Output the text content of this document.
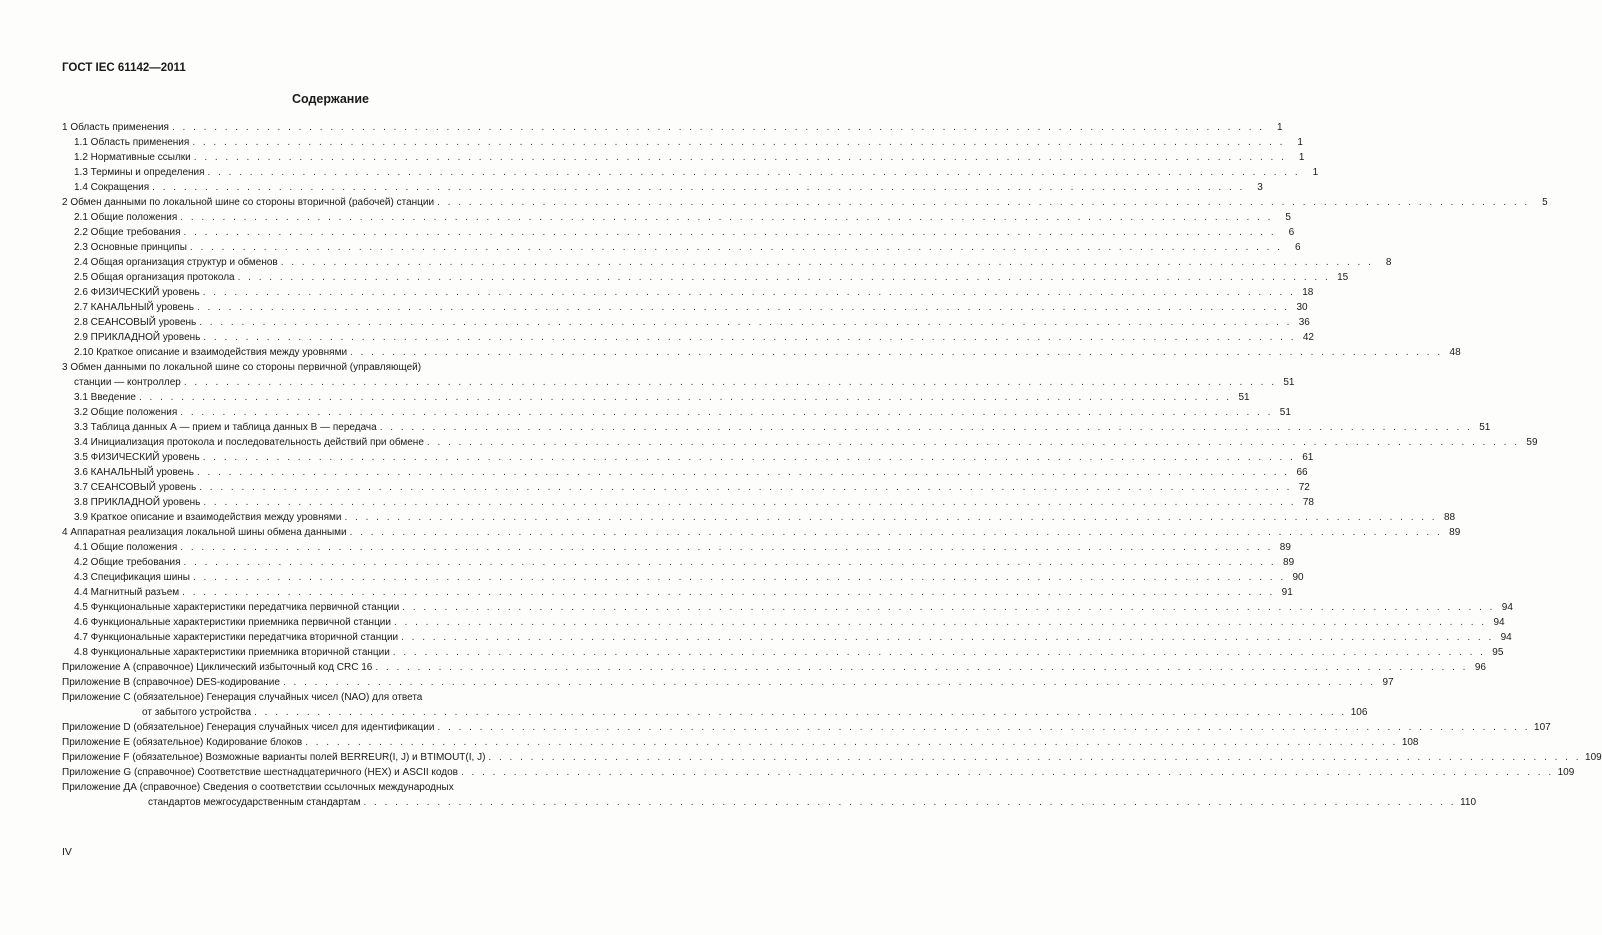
ГОСТ IEC 61142—2011
Содержание
1 Область применения . . . . . . . . . . . . . . . . . . . . . . . . . . . . . . . . . . . . . . . . . . . . . . . . . . . . . . . . . . . . . . . . . . . . . . . . . . . . . . . . . . . . . . . . . . . . . . . . . . . . . . . .	1
1.1 Область применения . . . . . . . . . . . . . . . . . . . . . . . . . . . . . . . . . . . . . . . . . . . . . . . . . . . . . . . . . . . . . . . . . . . . . . . . . . . . . . . . . . . . . . . . . . . . . . . . . . . . . . . .	1
1.2 Нормативные ссылки . . . . . . . . . . . . . . . . . . . . . . . . . . . . . . . . . . . . . . . . . . . . . . . . . . . . . . . . . . . . . . . . . . . . . . . . . . . . . . . . . . . . . . . . . . . . . . . . . . . . . . . .	1
1.3 Термины и определения . . . . . . . . . . . . . . . . . . . . . . . . . . . . . . . . . . . . . . . . . . . . . . . . . . . . . . . . . . . . . . . . . . . . . . . . . . . . . . . . . . . . . . . . . . . . . . . . . . . . . . . .	1
1.4 Сокращения . . . . . . . . . . . . . . . . . . . . . . . . . . . . . . . . . . . . . . . . . . . . . . . . . . . . . . . . . . . . . . . . . . . . . . . . . . . . . . . . . . . . . . . . . . . . . . . . . . . . . . . .	3
2 Обмен данными по локальной шине со стороны вторичной (рабочей) станции . . . . . . . . . . . . . . . . . . . . . . . . . . . . . . . . . . . . . . . . . . . . . . . . . . . . . . . . . . . . . . . . . . . . . . . . . . . . . . . . . . . . . . . . . . . . . . . . . . . . . . . .	5
2.1 Общие положения . . . . . . . . . . . . . . . . . . . . . . . . . . . . . . . . . . . . . . . . . . . . . . . . . . . . . . . . . . . . . . . . . . . . . . . . . . . . . . . . . . . . . . . . . . . . . . . . . . . . . . . .	5
2.2 Общие требования . . . . . . . . . . . . . . . . . . . . . . . . . . . . . . . . . . . . . . . . . . . . . . . . . . . . . . . . . . . . . . . . . . . . . . . . . . . . . . . . . . . . . . . . . . . . . . . . . . . . . . . .	6
2.3 Основные принципы . . . . . . . . . . . . . . . . . . . . . . . . . . . . . . . . . . . . . . . . . . . . . . . . . . . . . . . . . . . . . . . . . . . . . . . . . . . . . . . . . . . . . . . . . . . . . . . . . . . . . . . .	6
2.4 Общая организация структур и обменов . . . . . . . . . . . . . . . . . . . . . . . . . . . . . . . . . . . . . . . . . . . . . . . . . . . . . . . . . . . . . . . . . . . . . . . . . . . . . . . . . . . . . . . . . . . . . . . . . . . . . . . .	8
2.5 Общая организация протокола . . . . . . . . . . . . . . . . . . . . . . . . . . . . . . . . . . . . . . . . . . . . . . . . . . . . . . . . . . . . . . . . . . . . . . . . . . . . . . . . . . . . . . . . . . . . . . . . . . . . . . . . 15
2.6 ФИЗИЧЕСКИЙ уровень . . . . . . . . . . . . . . . . . . . . . . . . . . . . . . . . . . . . . . . . . . . . . . . . . . . . . . . . . . . . . . . . . . . . . . . . . . . . . . . . . . . . . . . . . . . . . . . . . . . . . . . . 18
2.7 КАНАЛЬНЫЙ уровень . . . . . . . . . . . . . . . . . . . . . . . . . . . . . . . . . . . . . . . . . . . . . . . . . . . . . . . . . . . . . . . . . . . . . . . . . . . . . . . . . . . . . . . . . . . . . . . . . . . . . . . . 30
2.8 СЕАНСОВЫЙ уровень . . . . . . . . . . . . . . . . . . . . . . . . . . . . . . . . . . . . . . . . . . . . . . . . . . . . . . . . . . . . . . . . . . . . . . . . . . . . . . . . . . . . . . . . . . . . . . . . . . . . . . . . 36
2.9 ПРИКЛАДНОЙ уровень . . . . . . . . . . . . . . . . . . . . . . . . . . . . . . . . . . . . . . . . . . . . . . . . . . . . . . . . . . . . . . . . . . . . . . . . . . . . . . . . . . . . . . . . . . . . . . . . . . . . . . . . 42
2.10 Краткое описание и взаимодействия между уровнями . . . . . . . . . . . . . . . . . . . . . . . . . . . . . . . . . . . . . . . . . . . . . . . . . . . . . . . . . . . . . . . . . . . . . . . . . . . . . . . . . . . . . . . . . . . . . . . . . . . . . . . . 48
3 Обмен данными по локальной шине со стороны первичной (управляющей)
станции — контроллер . . . . . . . . . . . . . . . . . . . . . . . . . . . . . . . . . . . . . . . . . . . . . . . . . . . . . . . . . . . . . . . . . . . . . . . . . . . . . . . . . . . . . . . . . . . . . . . . . . . . . . . . 51
3.1 Введение . . . . . . . . . . . . . . . . . . . . . . . . . . . . . . . . . . . . . . . . . . . . . . . . . . . . . . . . . . . . . . . . . . . . . . . . . . . . . . . . . . . . . . . . . . . . . . . . . . . . . . . . 51
3.2 Общие положения . . . . . . . . . . . . . . . . . . . . . . . . . . . . . . . . . . . . . . . . . . . . . . . . . . . . . . . . . . . . . . . . . . . . . . . . . . . . . . . . . . . . . . . . . . . . . . . . . . . . . . . . 51
3.3 Таблица данных А — прием и таблица данных В — передача . . . . . . . . . . . . . . . . . . . . . . . . . . . . . . . . . . . . . . . . . . . . . . . . . . . . . . . . . . . . . . . . . . . . . . . . . . . . . . . . . . . . . . . . . . . . . . . . . . . . . . . . 51
3.4 Инициализация протокола и последовательность действий при обмене . . . . . . . . . . . . . . . . . . . . . . . . . . . . . . . . . . . . . . . . . . . . . . . . . . . . . . . . . . . . . . . . . . . . . . . . . . . . . . . . . . . . . . . . . . . . . . . . . . . . . . . . 59
3.5 ФИЗИЧЕСКИЙ уровень . . . . . . . . . . . . . . . . . . . . . . . . . . . . . . . . . . . . . . . . . . . . . . . . . . . . . . . . . . . . . . . . . . . . . . . . . . . . . . . . . . . . . . . . . . . . . . . . . . . . . . . . 61
3.6 КАНАЛЬНЫЙ уровень . . . . . . . . . . . . . . . . . . . . . . . . . . . . . . . . . . . . . . . . . . . . . . . . . . . . . . . . . . . . . . . . . . . . . . . . . . . . . . . . . . . . . . . . . . . . . . . . . . . . . . . . 66
3.7 СЕАНСОВЫЙ уровень . . . . . . . . . . . . . . . . . . . . . . . . . . . . . . . . . . . . . . . . . . . . . . . . . . . . . . . . . . . . . . . . . . . . . . . . . . . . . . . . . . . . . . . . . . . . . . . . . . . . . . . . 72
3.8 ПРИКЛАДНОЙ уровень . . . . . . . . . . . . . . . . . . . . . . . . . . . . . . . . . . . . . . . . . . . . . . . . . . . . . . . . . . . . . . . . . . . . . . . . . . . . . . . . . . . . . . . . . . . . . . . . . . . . . . . . 78
3.9 Краткое описание и взаимодействия между уровнями . . . . . . . . . . . . . . . . . . . . . . . . . . . . . . . . . . . . . . . . . . . . . . . . . . . . . . . . . . . . . . . . . . . . . . . . . . . . . . . . . . . . . . . . . . . . . . . . . . . . . . . . 88
4 Аппаратная реализация локальной шины обмена данными . . . . . . . . . . . . . . . . . . . . . . . . . . . . . . . . . . . . . . . . . . . . . . . . . . . . . . . . . . . . . . . . . . . . . . . . . . . . . . . . . . . . . . . . . . . . . . . . . . . . . . . . 89
4.1 Общие положения . . . . . . . . . . . . . . . . . . . . . . . . . . . . . . . . . . . . . . . . . . . . . . . . . . . . . . . . . . . . . . . . . . . . . . . . . . . . . . . . . . . . . . . . . . . . . . . . . . . . . . . . 89
4.2 Общие требования . . . . . . . . . . . . . . . . . . . . . . . . . . . . . . . . . . . . . . . . . . . . . . . . . . . . . . . . . . . . . . . . . . . . . . . . . . . . . . . . . . . . . . . . . . . . . . . . . . . . . . . . 89
4.3 Спецификация шины . . . . . . . . . . . . . . . . . . . . . . . . . . . . . . . . . . . . . . . . . . . . . . . . . . . . . . . . . . . . . . . . . . . . . . . . . . . . . . . . . . . . . . . . . . . . . . . . . . . . . . . . 90
4.4 Магнитный разъем . . . . . . . . . . . . . . . . . . . . . . . . . . . . . . . . . . . . . . . . . . . . . . . . . . . . . . . . . . . . . . . . . . . . . . . . . . . . . . . . . . . . . . . . . . . . . . . . . . . . . . . . 91
4.5 Функциональные характеристики передатчика первичной станции . . . . . . . . . . . . . . . . . . . . . . . . . . . . . . . . . . . . . . . . . . . . . . . . . . . . . . . . . . . . . . . . . . . . . . . . . . . . . . . . . . . . . . . . . . . . . . . . . . . . . . . . 94
4.6 Функциональные характеристики приемника первичной станции . . . . . . . . . . . . . . . . . . . . . . . . . . . . . . . . . . . . . . . . . . . . . . . . . . . . . . . . . . . . . . . . . . . . . . . . . . . . . . . . . . . . . . . . . . . . . . . . . . . . . . . . 94
4.7 Функциональные характеристики передатчика вторичной станции . . . . . . . . . . . . . . . . . . . . . . . . . . . . . . . . . . . . . . . . . . . . . . . . . . . . . . . . . . . . . . . . . . . . . . . . . . . . . . . . . . . . . . . . . . . . . . . . . . . . . . . . 94
4.8 Функциональные характеристики приемника вторичной станции . . . . . . . . . . . . . . . . . . . . . . . . . . . . . . . . . . . . . . . . . . . . . . . . . . . . . . . . . . . . . . . . . . . . . . . . . . . . . . . . . . . . . . . . . . . . . . . . . . . . . . . . 95
Приложение А (справочное) Циклический избыточный код CRC 16 . . . . . . . . . . . . . . . . . . . . . . . . . . . . . . . . . . . . . . . . . . . . . . . . . . . . . . . . . . . . . . . . . . . . . . . . . . . . . . . . . . . . . . . . . . . . . . . . . . . . . . . . 96
Приложение В (справочное) DES-кодирование . . . . . . . . . . . . . . . . . . . . . . . . . . . . . . . . . . . . . . . . . . . . . . . . . . . . . . . . . . . . . . . . . . . . . . . . . . . . . . . . . . . . . . . . . . . . . . . . . . . . . . . . 97
Приложение С (обязательное) Генерация случайных чисел (NAO) для ответа
от забытого устройства . . . . . . . . . . . . . . . . . . . . . . . . . . . . . . . . . . . . . . . . . . . . . . . . . . . . . . . . . . . . . . . . . . . . . . . . . . . . . . . . . . . . . . . . . . . . . . . . . . . . . . . . 106
Приложение D (обязательное) Генерация случайных чисел для идентификации . . . . . . . . . . . . . . . . . . . . . . . . . . . . . . . . . . . . . . . . . . . . . . . . . . . . . . . . . . . . . . . . . . . . . . . . . . . . . . . . . . . . . . . . . . . . . . . . . . . . . . . . 107
Приложение Е (обязательное) Кодирование блоков . . . . . . . . . . . . . . . . . . . . . . . . . . . . . . . . . . . . . . . . . . . . . . . . . . . . . . . . . . . . . . . . . . . . . . . . . . . . . . . . . . . . . . . . . . . . . . . . . . . . . . . . 108
Приложение F (обязательное) Возможные варианты полей BERREUR(I, J) и BTIMOUT(I, J) . . . . . . . . . . . . . . . . . . . . . . . . . . . . . . . . . . . . . . . . . . . . . . . . . . . . . . . . . . . . . . . . . . . . . . . . . . . . . . . . . . . . . . . . . . . . . . . . . . . . . . . . 109
Приложение G (справочное) Соответствие шестнадцатеричного (HEX) и ASCII кодов . . . . . . . . . . . . . . . . . . . . . . . . . . . . . . . . . . . . . . . . . . . . . . . . . . . . . . . . . . . . . . . . . . . . . . . . . . . . . . . . . . . . . . . . . . . . . . . . . . . . . . . . 109
Приложение ДА (справочное) Сведения о соответствии ссылочных международных
стандартов межгосударственным стандартам . . . . . . . . . . . . . . . . . . . . . . . . . . . . . . . . . . . . . . . . . . . . . . . . . . . . . . . . . . . . . . . . . . . . . . . . . . . . . . . . . . . . . . . . . . . . . . . . . . . . . . . . 110
IV
